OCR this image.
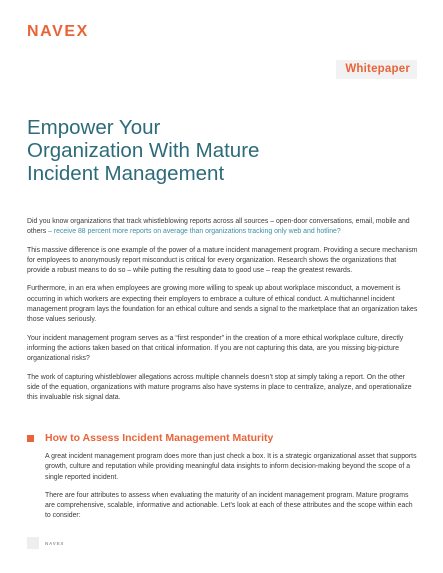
NAVEX
Whitepaper
Empower Your
Organization With Mature
Incident Management

Did you know organizations that track whistleblowing reports across all sources – open-door conversations, email, mobile and others – receive 88 percent more reports on average than organizations tracking only web and hotline?

This massive difference is one example of the power of a mature incident management program. Providing a secure mechanism for employees to anonymously report misconduct is critical for every organization. Research shows the organizations that provide a robust means to do so – while putting the resulting data to good use – reap the greatest rewards.

Furthermore, in an era when employees are growing more willing to speak up about workplace misconduct, a movement is occurring in which workers are expecting their employers to embrace a culture of ethical conduct. A multichannel incident management program lays the foundation for an ethical culture and sends a signal to the marketplace that an organization takes those values seriously.

Your incident management program serves as a “first responder” in the creation of a more ethical workplace culture, directly informing the actions taken based on that critical information. If you are not capturing this data, are you missing big-picture organizational risks?

The work of capturing whistleblower allegations across multiple channels doesn’t stop at simply taking a report. On the other side of the equation, organizations with mature programs also have systems in place to centralize, analyze, and operationalize this invaluable risk signal data.

How to Assess Incident Management Maturity

A great incident management program does more than just check a box. It is a strategic organizational asset that supports growth, culture and reputation while providing meaningful data insights to inform decision-making beyond the scope of a single reported incident.

There are four attributes to assess when evaluating the maturity of an incident management program. Mature programs are comprehensive, scalable, informative and actionable. Let’s look at each of these attributes and the scope within each to consider:

NAVEX
